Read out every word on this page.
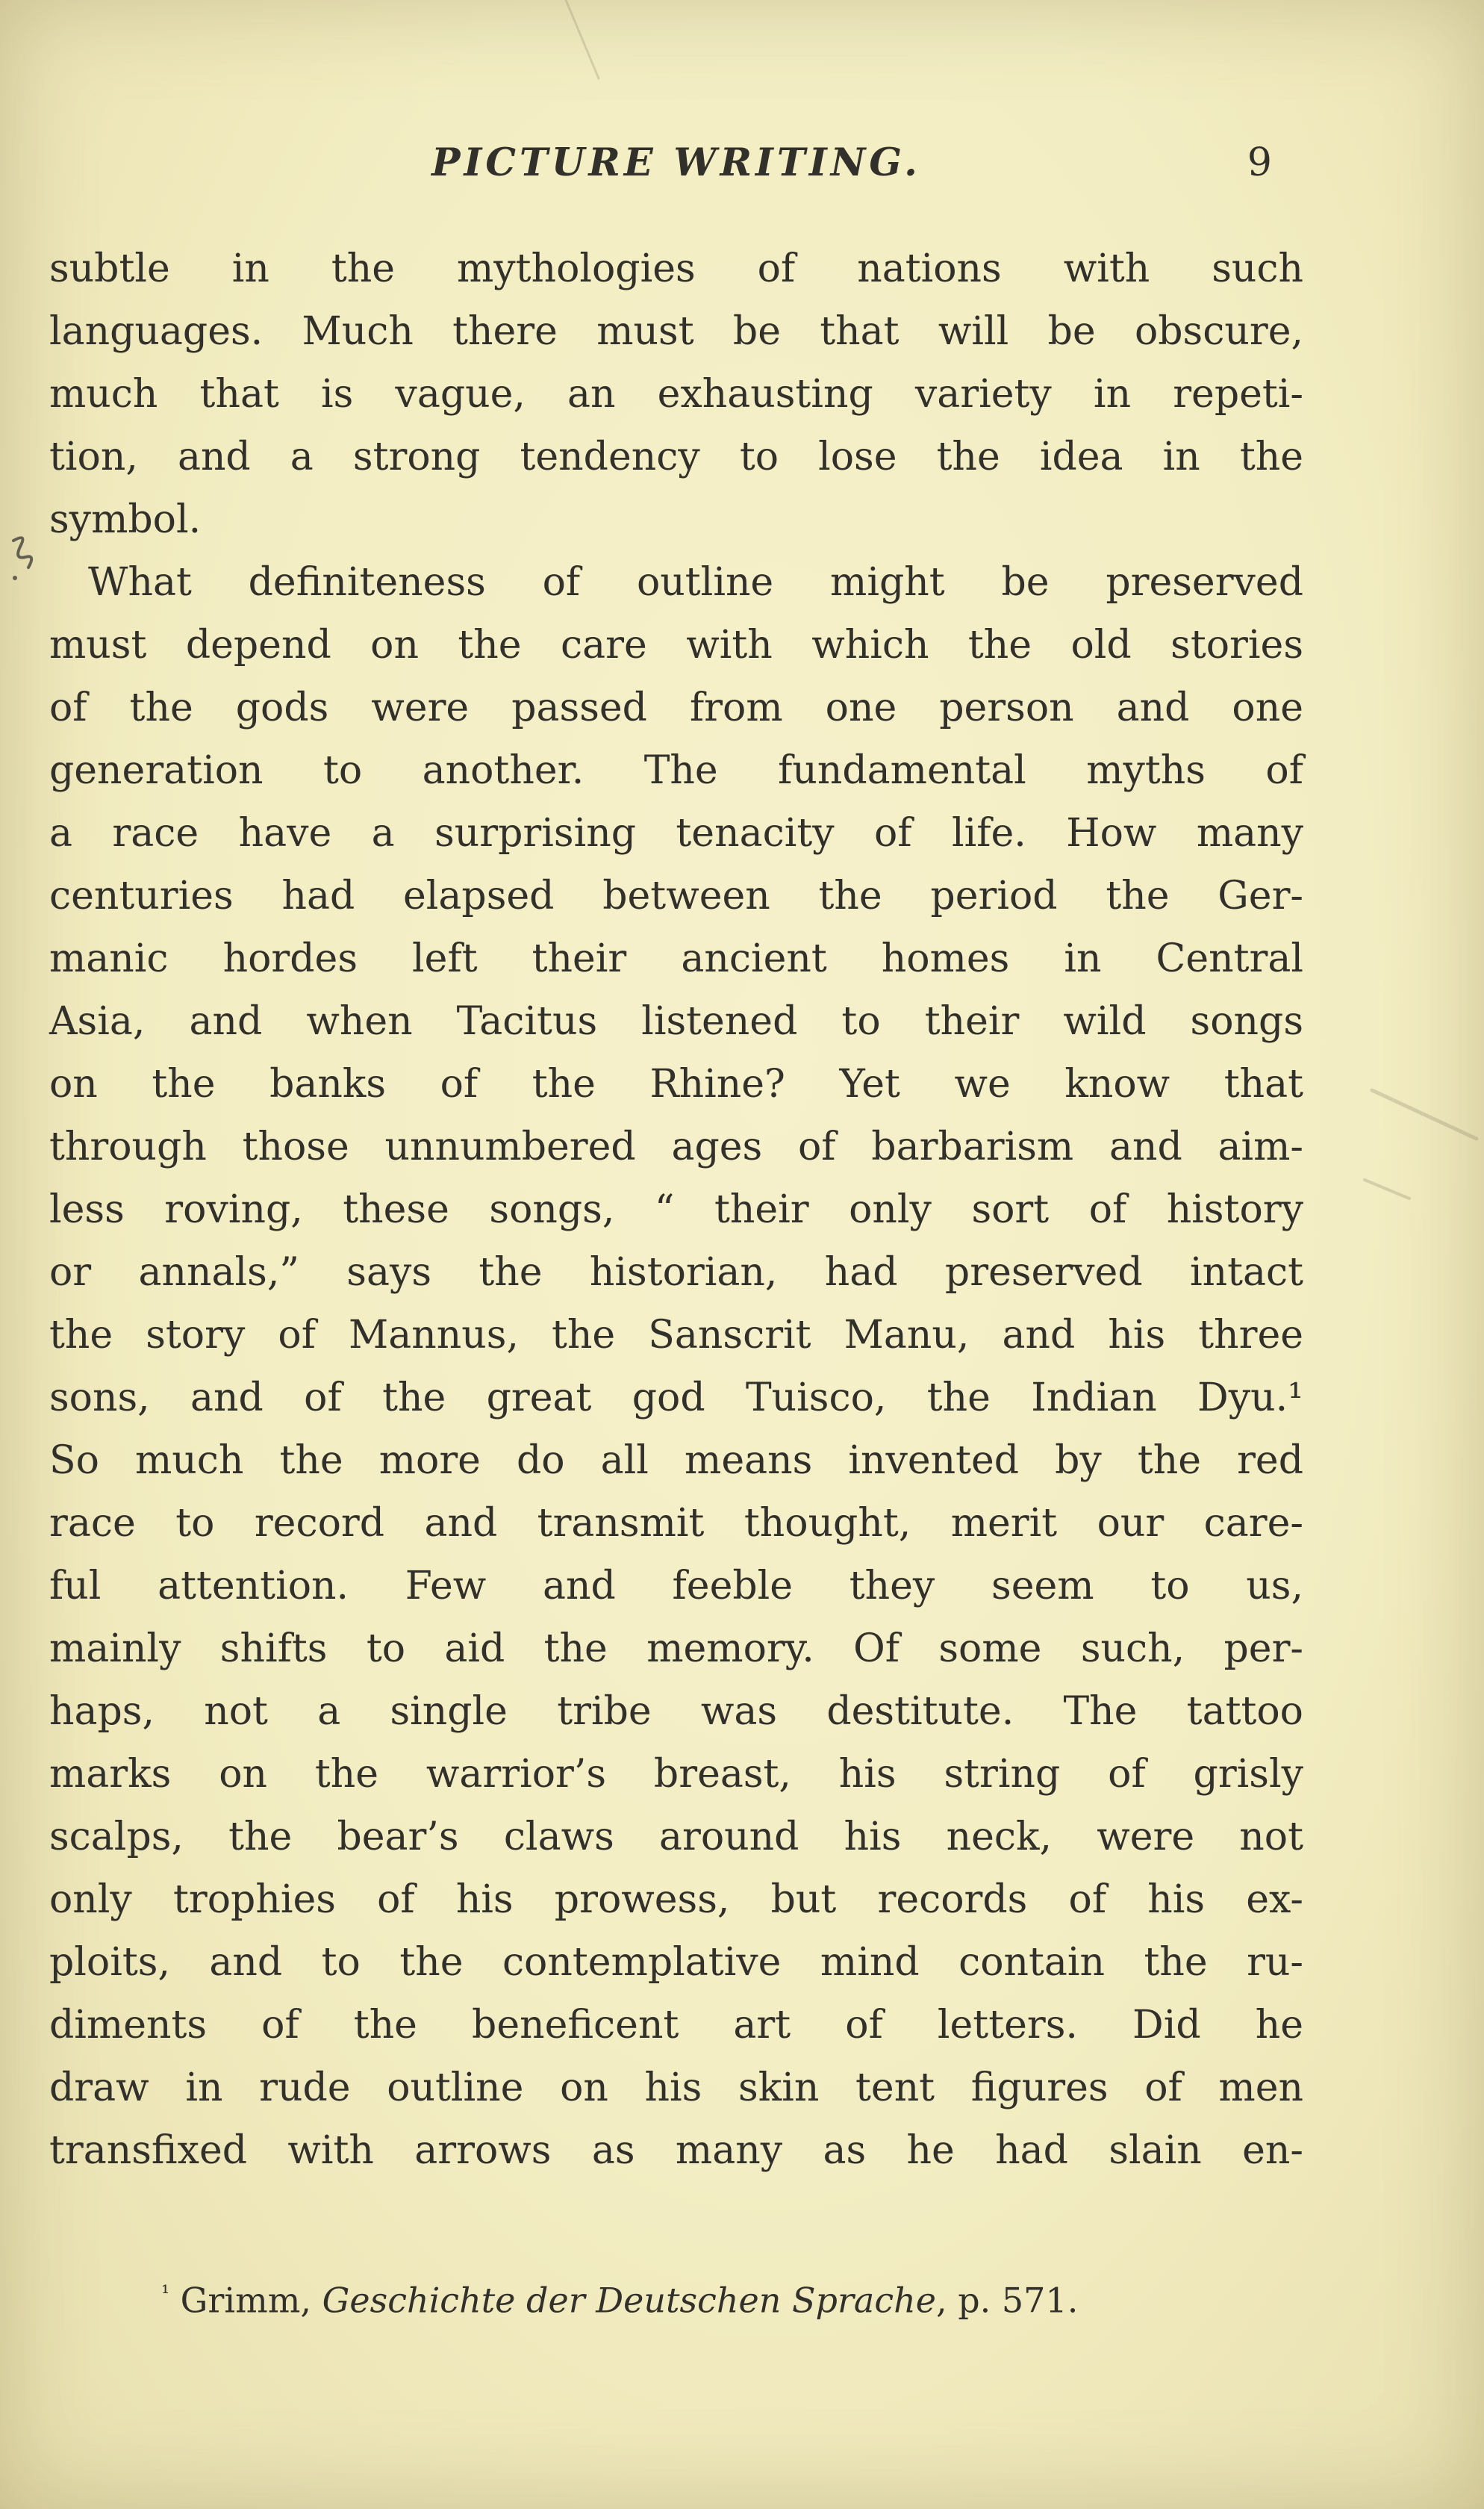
PICTURE WRITING.	9
subtle in the mythologies of nations with such
languages. Much there must be that will be obscure,
much that is vague, an exhausting variety in repeti-
tion, and a strong tendency to lose the idea in the
symbol.
What definiteness of outline might be preserved
must depend on the care with which the old stories
of the gods were passed from one person and one
generation to another. The fundamental myths of
a race have a surprising tenacity of life. How many
centuries had elapsed between the period the Ger-
manic hordes left their ancient homes in Central
Asia, and when Tacitus listened to their wild songs
on the banks of the Rhine? Yet we know that
through those unnumbered ages of barbarism and aim-
less roving, these songs, “ their only sort of history
or annals,” says the historian, had preserved intact
the story of Mannus, the Sanscrit Manu, and his three
sons, and of the great god Tuisco, the Indian Dyu.¹
So much the more do all means invented by the red
race to record and transmit thought, merit our care-
ful attention. Few and feeble they seem to us,
mainly shifts to aid the memory. Of some such, per-
haps, not a single tribe was destitute. The tattoo
marks on the warrior’s breast, his string of grisly
scalps, the bear’s claws around his neck, were not
only trophies of his prowess, but records of his ex-
ploits, and to the contemplative mind contain the ru-
diments of the beneficent art of letters. Did he
draw in rude outline on his skin tent figures of men
transfixed with arrows as many as he had slain en-
$^{^1}$ Grimm, Geschichte der Deutschen Sprache, p. 571.
